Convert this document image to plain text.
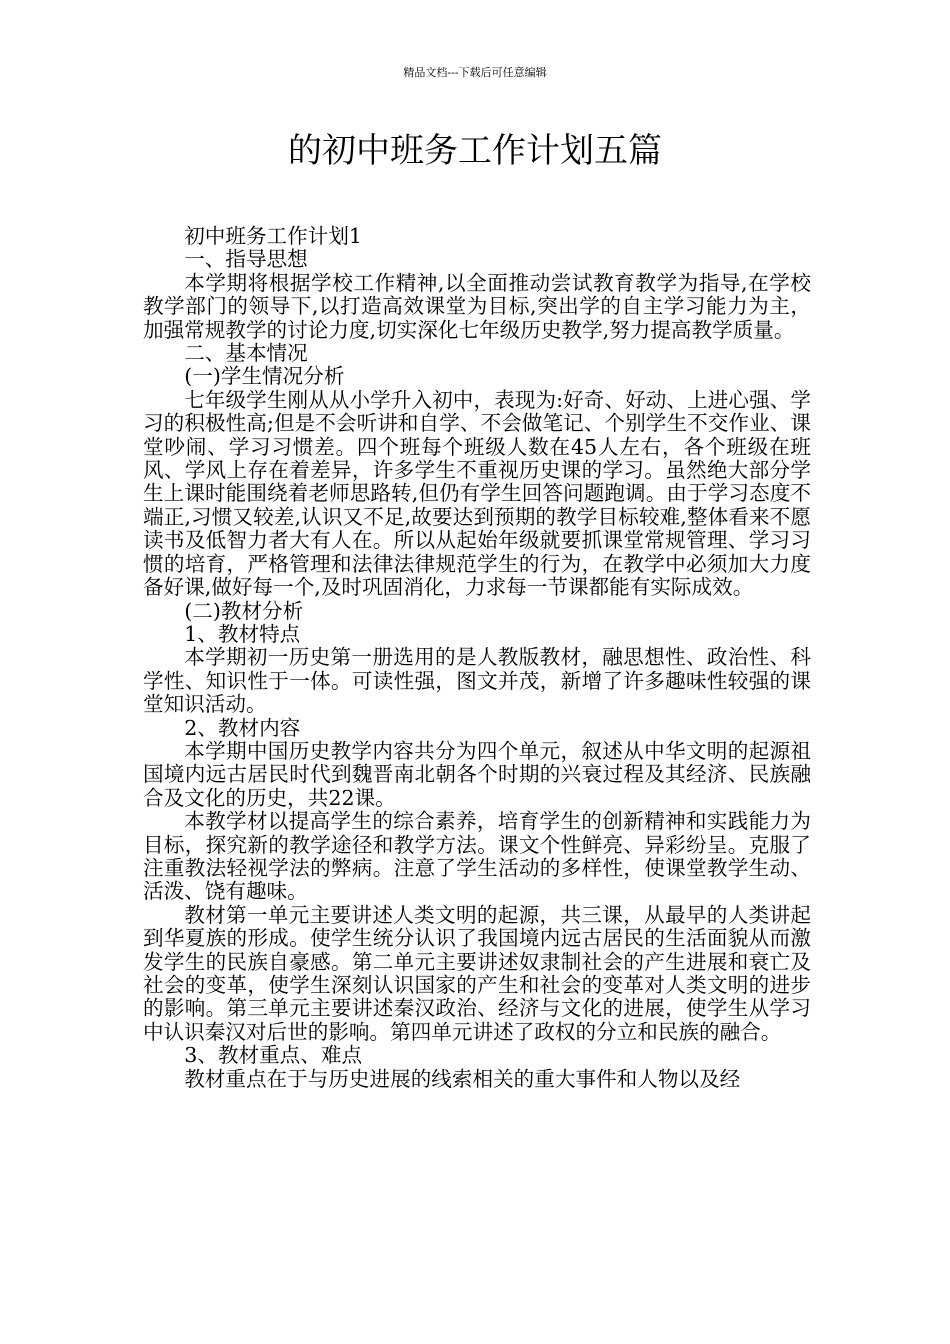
精品文档---下载后可任意编辑
的初中班务工作计划五篇

初中班务工作计划1

一、指导思想

本学期将根据学校工作精神,以全面推动尝试教育教学为指导,在学校教学部门的领导下,以打造高效课堂为目标,突出学的自主学习能力为主，加强常规教学的讨论力度,切实深化七年级历史教学,努力提高教学质量。

二、基本情况

(一)学生情况分析

七年级学生刚从从小学升入初中，表现为:好奇、好动、上进心强、学习的积极性高;但是不会听讲和自学、不会做笔记、个别学生不交作业、课堂吵闹、学习习惯差。四个班每个班级人数在45人左右，各个班级在班风、学风上存在着差异，许多学生不重视历史课的学习。虽然绝大部分学生上课时能围绕着老师思路转,但仍有学生回答问题跑调。由于学习态度不端正,习惯又较差,认识又不足,故要达到预期的教学目标较难,整体看来不愿读书及低智力者大有人在。所以从起始年级就要抓课堂常规管理、学习习惯的培育，严格管理和法律法律规范学生的行为，在教学中必须加大力度备好课,做好每一个,及时巩固消化，力求每一节课都能有实际成效。

(二)教材分析

1、教材特点

本学期初一历史第一册选用的是人教版教材，融思想性、政治性、科学性、知识性于一体。可读性强，图文并茂，新增了许多趣味性较强的课堂知识活动。

2、教材内容

本学期中国历史教学内容共分为四个单元，叙述从中华文明的起源祖国境内远古居民时代到魏晋南北朝各个时期的兴衰过程及其经济、民族融合及文化的历史，共22课。

本教学材以提高学生的综合素养，培育学生的创新精神和实践能力为目标，探究新的教学途径和教学方法。课文个性鲜亮、异彩纷呈。克服了注重教法轻视学法的弊病。注意了学生活动的多样性，使课堂教学生动、活泼、饶有趣味。

教材第一单元主要讲述人类文明的起源，共三课，从最早的人类讲起到华夏族的形成。使学生统分认识了我国境内远古居民的生活面貌从而激发学生的民族自豪感。第二单元主要讲述奴隶制社会的产生进展和衰亡及社会的变革，使学生深刻认识国家的产生和社会的变革对人类文明的进步的影响。第三单元主要讲述秦汉政治、经济与文化的进展，使学生从学习中认识秦汉对后世的影响。第四单元讲述了政权的分立和民族的融合。

3、教材重点、难点

教材重点在于与历史进展的线索相关的重大事件和人物以及经
